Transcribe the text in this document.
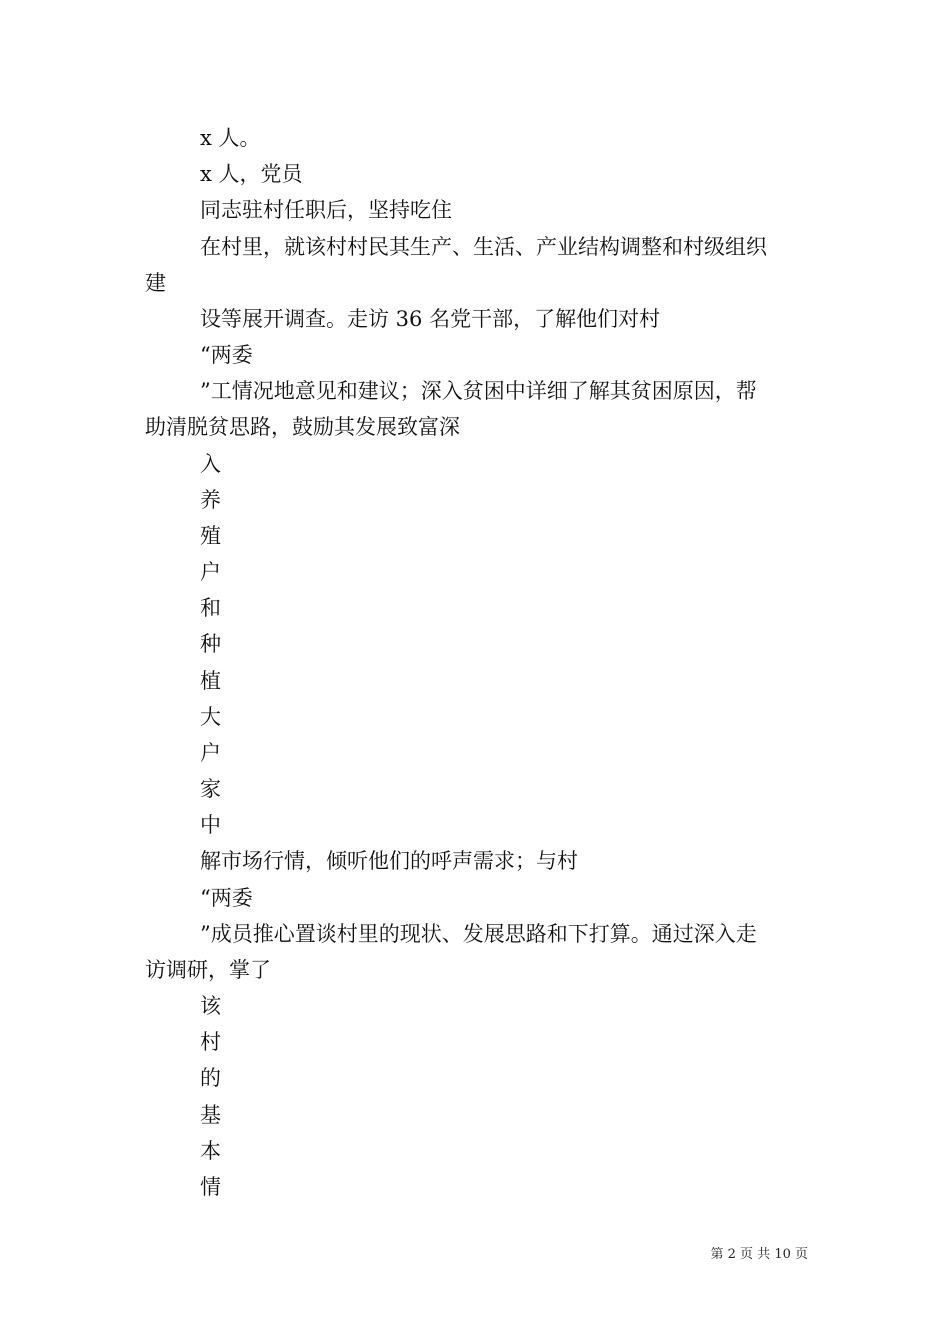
x 人。
x 人，党员
同志驻村任职后，坚持吃住
在村里，就该村村民其生产、生活、产业结构调整和村级组织
建
设等展开调查。走访 36 名党干部，了解他们对村
“两委
”工情况地意见和建议；深入贫困中详细了解其贫困原因，帮
助清脱贫思路，鼓励其发展致富深
入
养
殖
户
和
种
植
大
户
家
中
解市场行情，倾听他们的呼声需求；与村
“两委
”成员推心置谈村里的现状、发展思路和下打算。通过深入走
访调研，掌了
该
村
的
基
本
情
第 2 页 共 10 页
